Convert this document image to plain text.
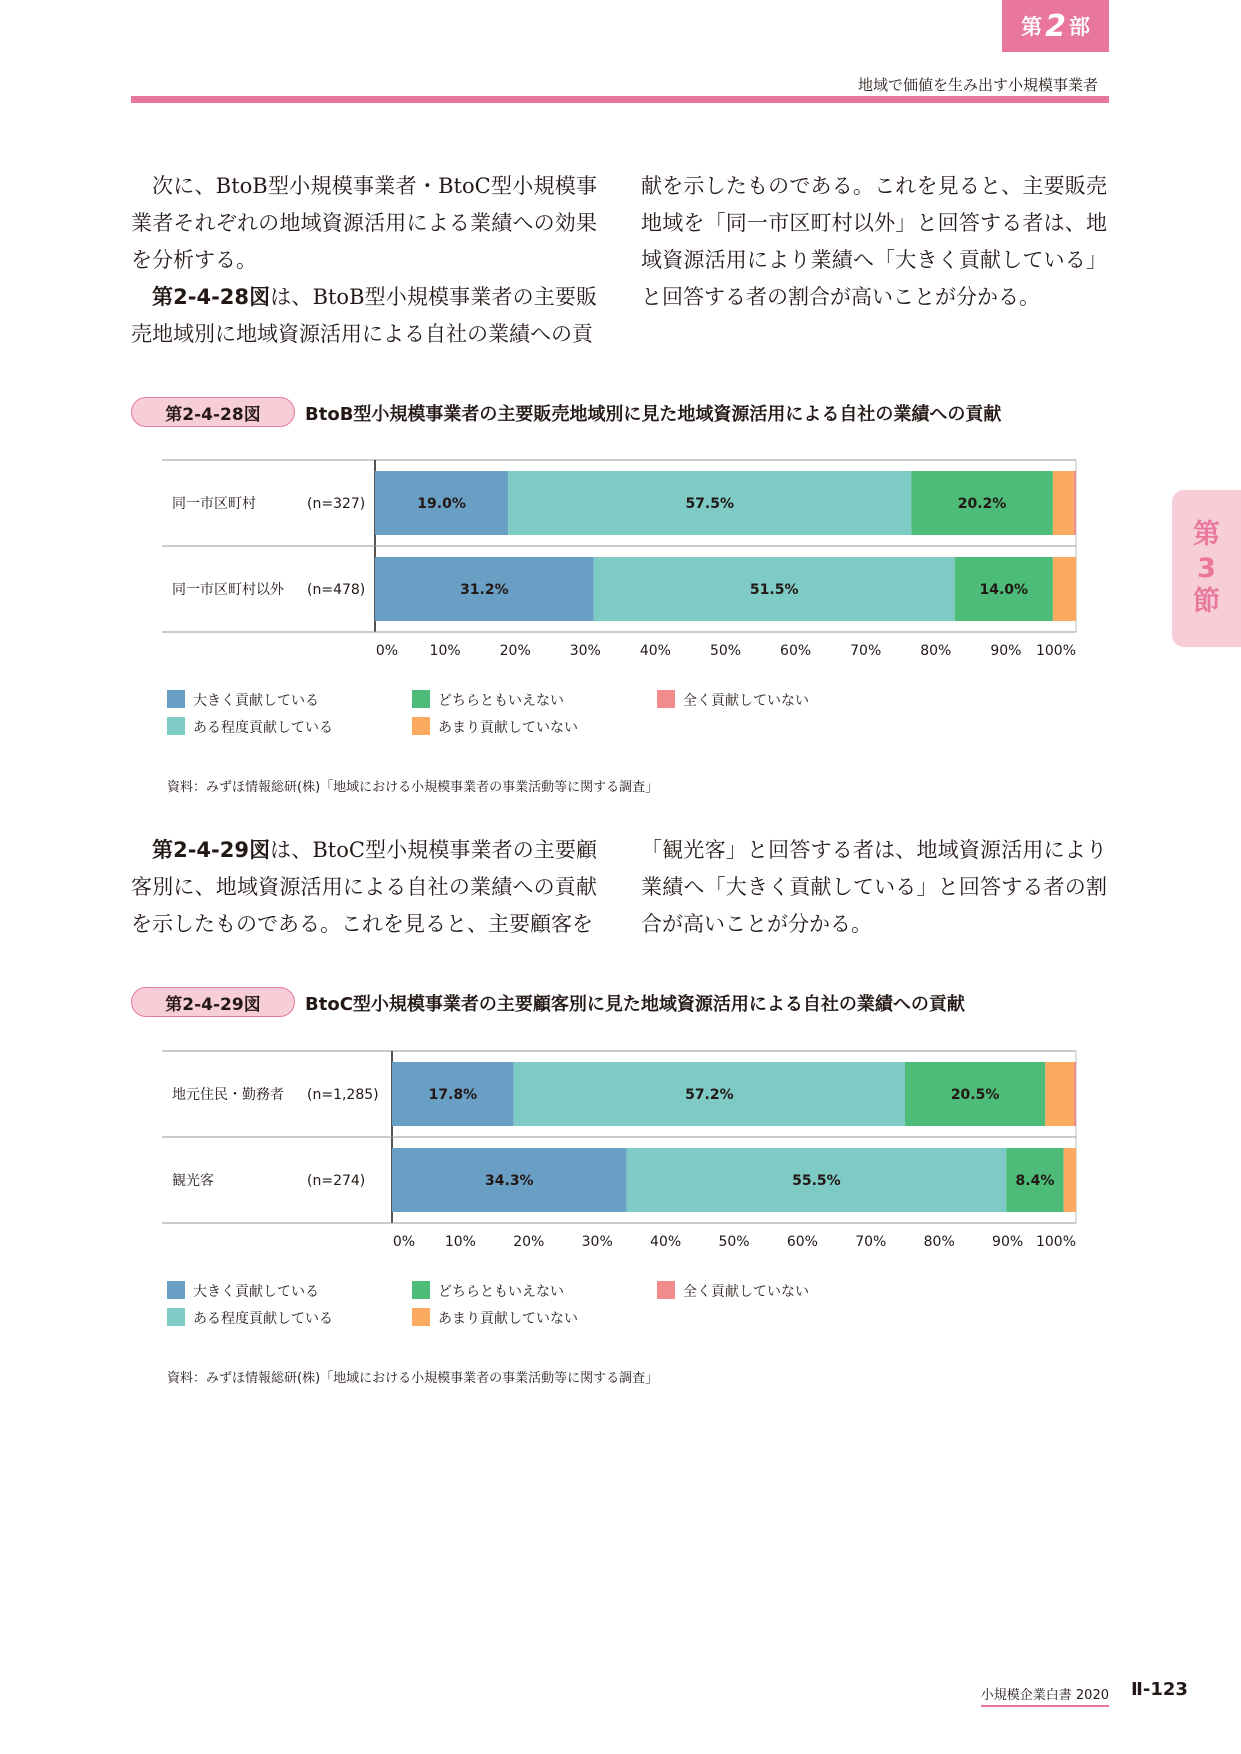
第 2 部
地域で価値を生み出す小規模事業者
第
3
節

次に、BtoB型小規模事業者・BtoC型小規模事業者それぞれの地域資源活用による業績への効果を分析する。

第2-4-28図は、BtoB型小規模事業者の主要販売地域別に地域資源活用による自社の業績への貢

献を示したものである。これを見ると、主要販売地域を「同一市区町村以外」と回答する者は、地域資源活用により業績へ「大きく貢献している」と回答する者の割合が高いことが分かる。

第2-4-28図	BtoB型小規模事業者の主要販売地域別に見た地域資源活用による自社の業績への貢献
同一市区町村	(n=327)	19.0%	57.5%	20.2%
同一市区町村以外 (n=478)	31.2%	51.5%	14.0%
0% 10%	20%	30%	40%	50%	60%	70%	80%	90% 100%
大きく貢献している
ある程度貢献している
どちらともいえない
あまり貢献していない
全く貢献していない
地元住民・勤務者 (n=1,285)	17.8%	57.2%	20.5%
観光客	(n=274)	34.3%	55.5%	8.4%
0% 10%	20%	30%	40%	50%	60%	70%	80%	90% 100%
大きく貢献している
ある程度貢献している
どちらともいえない
あまり貢献していない
全く貢献していない
資料：みずほ情報総研(株)「地域における小規模事業者の事業活動等に関する調査」

第2-4-29図は、BtoC型小規模事業者の主要顧客別に、地域資源活用による自社の業績への貢献を示したものである。これを見ると、主要顧客を

「観光客」と回答する者は、地域資源活用により業績へ「大きく貢献している」と回答する者の割合が高いことが分かる。

第2-4-29図	BtoC型小規模事業者の主要顧客別に見た地域資源活用による自社の業績への貢献
資料：みずほ情報総研(株)「地域における小規模事業者の事業活動等に関する調査」
小規模企業白書 2020 Ⅱ-123
